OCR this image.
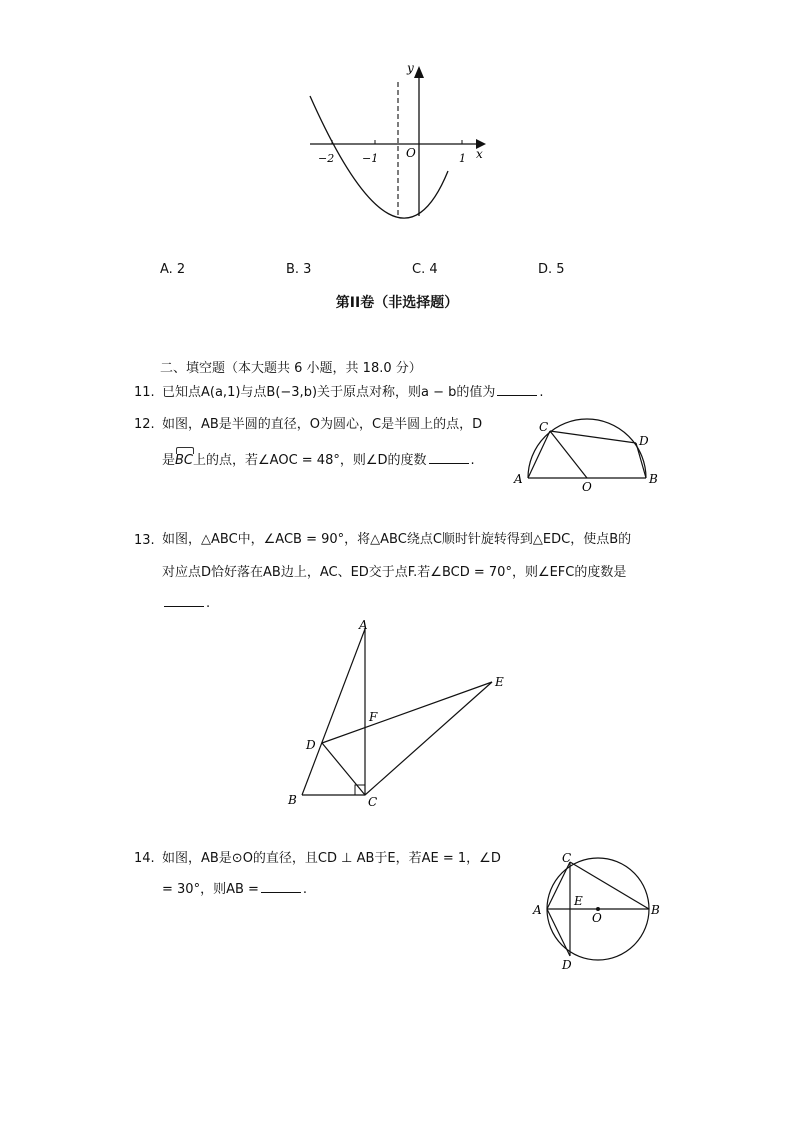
y
x
O
−2	−1	1
A. 2	B. 3	C. 4	D. 5
第II卷（非选择题）
二、填空题（本大题共 6 小题，共 18.0 分）
11. 已知点A(a,1)与点B(−3,b)关于原点对称，则a − b的值为	.
12. 如图，AB是半圆的直径，O为圆心，C是半圆上的点，D
是
BC上的点，若∠AOC = 48°，则∠D的度数	.
A	B
C
D
O
13. 如图，△ABC中，∠ACB = 90°，将△ABC绕点C顺时针旋转得到△EDC，使点B的
对应点D恰好落在AB边上，AC、ED交于点F.若∠BCD = 70°，则∠EFC的度数是
.
A
B	C
D
E
F
14. 如图，AB是⊙O的直径，且CD ⊥ AB于E，若AE = 1，∠D
= 30°，则AB =	.
A	B
C
D
E
O
